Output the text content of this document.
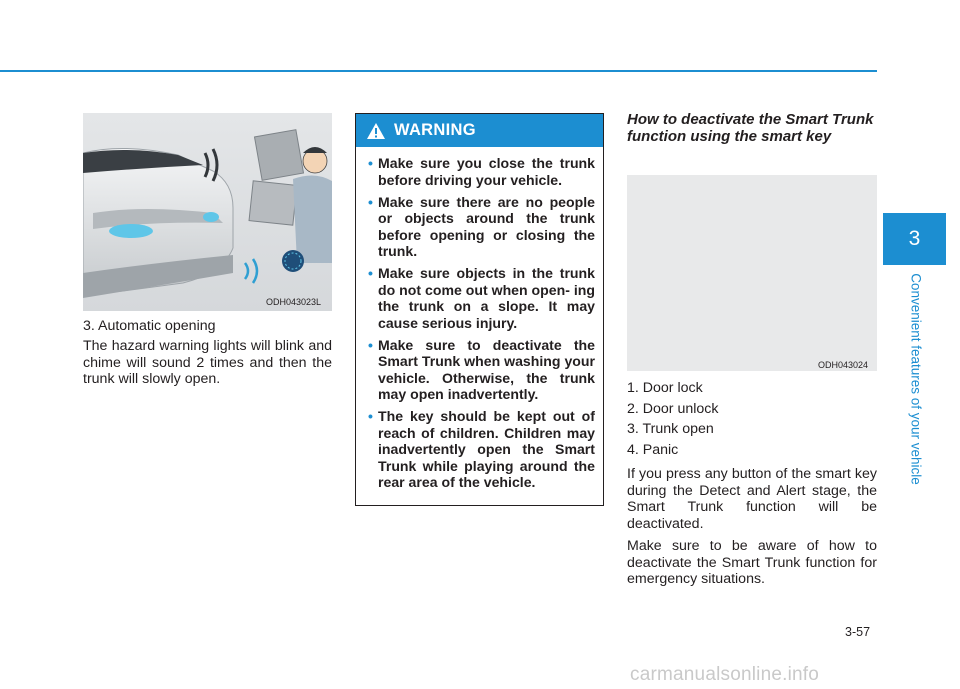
ODH043023L

3. Automatic opening

The hazard warning lights will blink and chime will sound 2 times and then the trunk will slowly open.

WARNING
• Make sure you close the trunk before driving your vehicle.
• Make sure there are no people or objects around the trunk before opening or closing the trunk.
• Make sure objects in the trunk do not come out when open- ing the trunk on a slope. It may cause serious injury.
• Make sure to deactivate the Smart Trunk when washing your vehicle. Otherwise, the trunk may open inadvertently.
• The key should be kept out of reach of children. Children may inadvertently open the Smart Trunk while playing around the rear area of the vehicle.
How to deactivate the Smart Trunk function using the smart key
ODH043024

1. Door lock

2. Door unlock

3. Trunk open

4. Panic

If you press any button of the smart key during the Detect and Alert stage, the Smart Trunk function will be deactivated.

Make sure to be aware of how to deactivate the Smart Trunk function for emergency situations.

3
Convenient features of your vehicle
3-57
carmanualsonline.info
